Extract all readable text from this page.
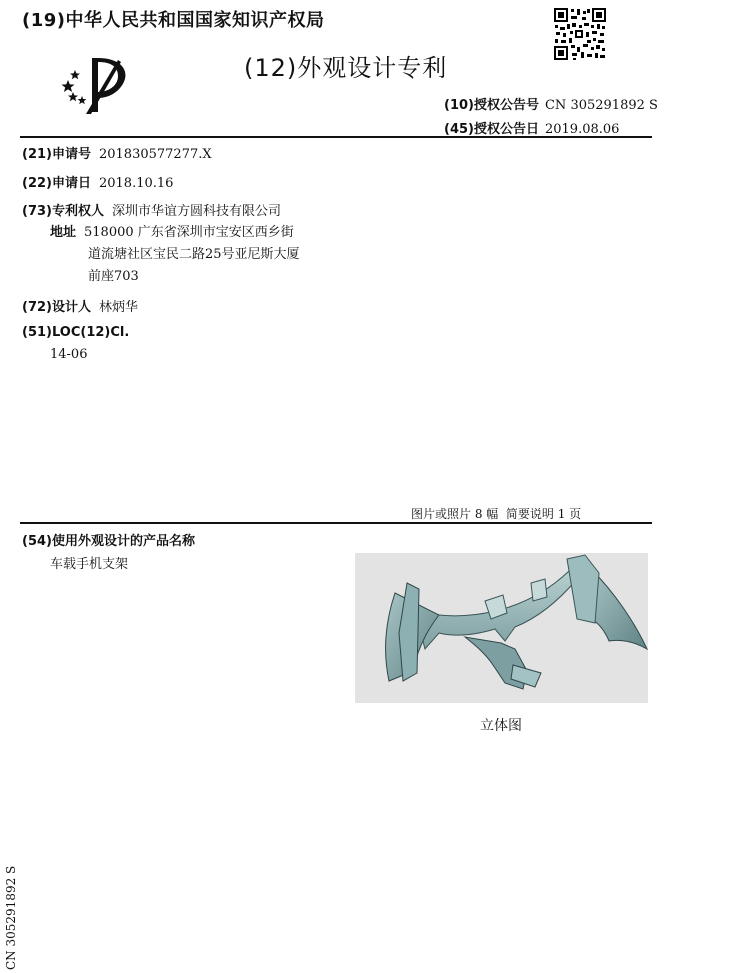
(19)中华人民共和国国家知识产权局
(12)外观设计专利
(10)授权公告号 CN 305291892 S
(45)授权公告日 2019.08.06
(21)申请号 201830577277.X
(22)申请日 2018.10.16
(73)专利权人 深圳市华谊方圆科技有限公司
地址 518000 广东省深圳市宝安区西乡街
道流塘社区宝民二路25号亚尼斯大厦
前座703
(72)设计人 林炳华
(51)LOC(12)Cl.
14-06
图片或照片 8 幅  简要说明 1 页
(54)使用外观设计的产品名称
车载手机支架
立体图
CN 305291892 S
